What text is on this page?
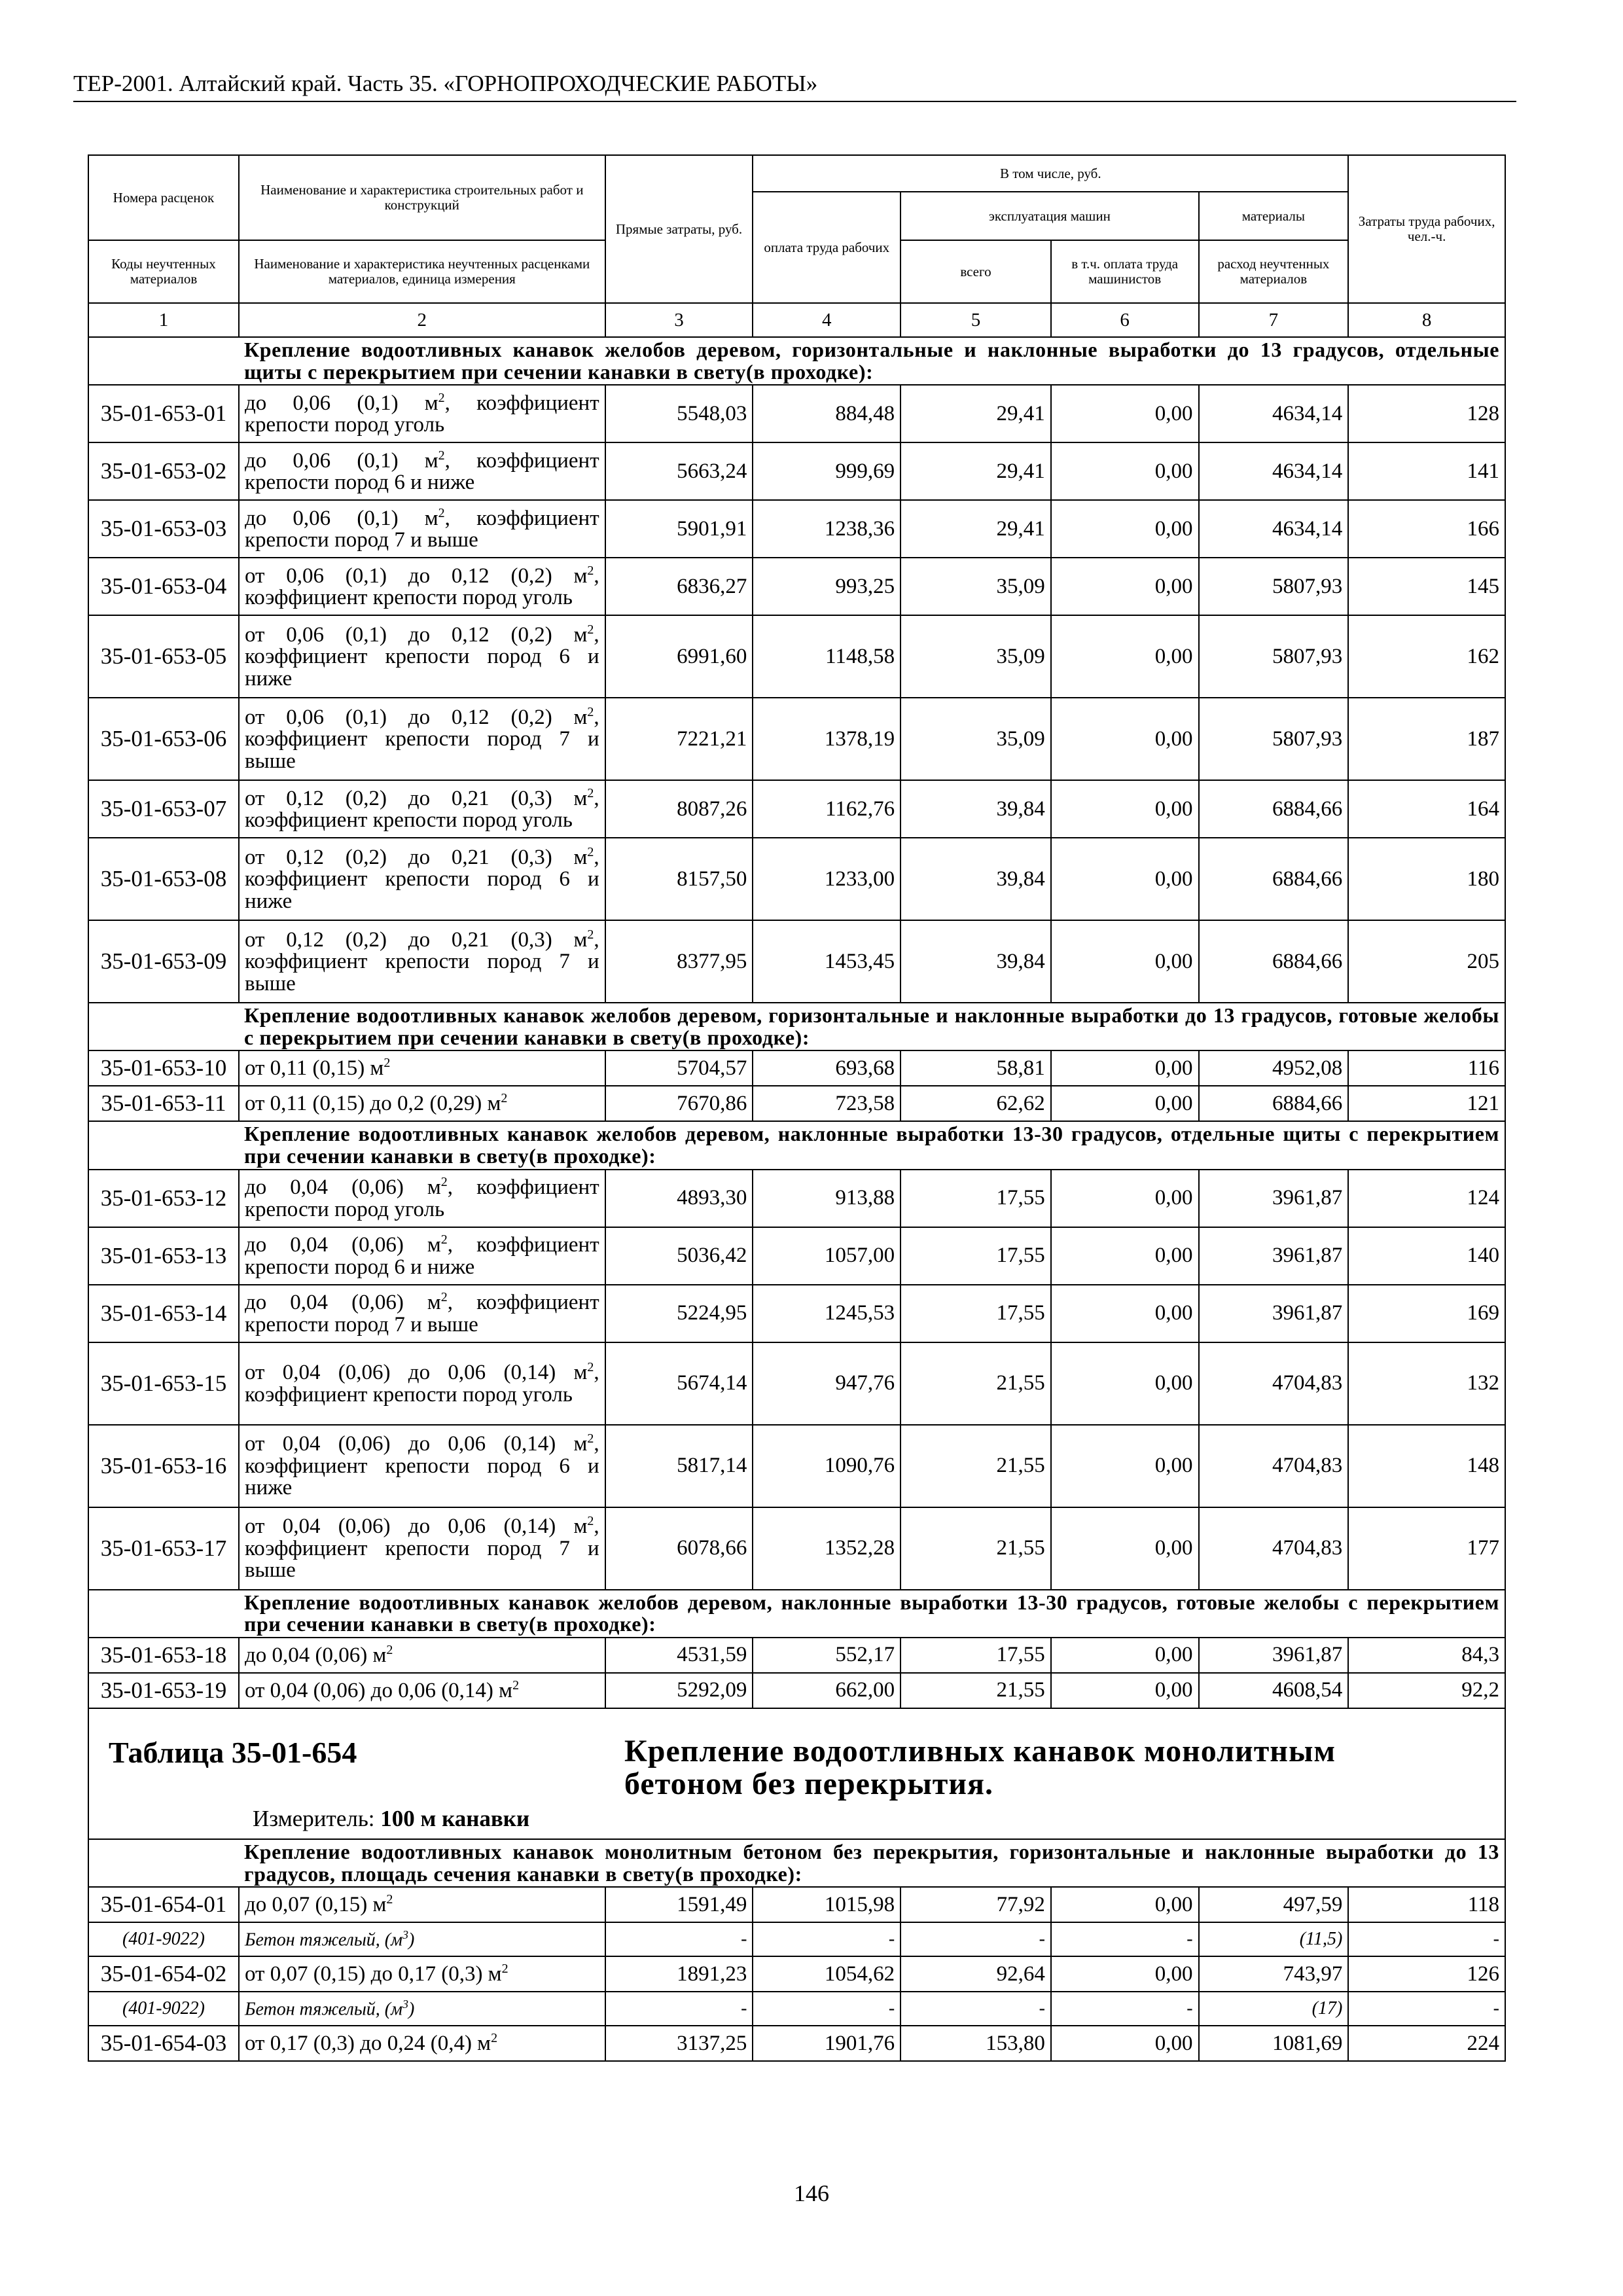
ТЕР-2001. Алтайский край. Часть 35. «ГОРНОПРОХОДЧЕСКИЕ РАБОТЫ»
Номера расценок	Наименование и характеристика строительных работ и конструкций	Прямые затраты, руб.	В том числе, руб.				Затраты труда рабочих, чел.-ч.
			оплата труда рабочих	эксплуатация машин		материалы	
Коды неучтенных материалов	Наименование и характеристика неучтенных расценками материалов, единица измерения			всего	в т.ч. оплата труда машинистов	расход неучтенных материалов	
1	2	3	4	5	6	7	8
	Крепление водоотливных канавок желобов деревом, горизонтальные и наклонные выработки до 13 градусов, отдельные щиты с перекрытием при сечении канавки в свету(в проходке):						
35-01-653-01	до 0,06 (0,1) $м^2$, коэффициент крепости пород уголь	5548,03	884,48	29,41	0,00	4634,14	128
35-01-653-02	до 0,06 (0,1) $м^2$, коэффициент крепости пород 6 и ниже	5663,24	999,69	29,41	0,00	4634,14	141
35-01-653-03	до 0,06 (0,1) $м^2$, коэффициент крепости пород 7 и выше	5901,91	1238,36	29,41	0,00	4634,14	166
35-01-653-04	от 0,06 (0,1) до 0,12 (0,2) $м^2$, коэффициент крепости пород уголь	6836,27	993,25	35,09	0,00	5807,93	145
35-01-653-05	от 0,06 (0,1) до 0,12 (0,2) $м^2$, коэффициент крепости пород 6 и ниже	6991,60	1148,58	35,09	0,00	5807,93	162
35-01-653-06	от 0,06 (0,1) до 0,12 (0,2) $м^2$, коэффициент крепости пород 7 и выше	7221,21	1378,19	35,09	0,00	5807,93	187
35-01-653-07	от 0,12 (0,2) до 0,21 (0,3) $м^2$, коэффициент крепости пород уголь	8087,26	1162,76	39,84	0,00	6884,66	164
35-01-653-08	от 0,12 (0,2) до 0,21 (0,3) $м^2$, коэффициент крепости пород 6 и ниже	8157,50	1233,00	39,84	0,00	6884,66	180
35-01-653-09	от 0,12 (0,2) до 0,21 (0,3) $м^2$, коэффициент крепости пород 7 и выше	8377,95	1453,45	39,84	0,00	6884,66	205
	Крепление водоотливных канавок желобов деревом, горизонтальные и наклонные выработки до 13 градусов, готовые желобы с перекрытием при сечении канавки в свету(в проходке):						
35-01-653-10	от 0,11 (0,15) $м^2$	5704,57	693,68	58,81	0,00	4952,08	116
35-01-653-11	от 0,11 (0,15) до 0,2 (0,29) $м^2$	7670,86	723,58	62,62	0,00	6884,66	121
	Крепление водоотливных канавок желобов деревом, наклонные выработки 13-30 градусов, отдельные щиты с перекрытием при сечении канавки в свету(в проходке):						
35-01-653-12	до 0,04 (0,06) $м^2$, коэффициент крепости пород уголь	4893,30	913,88	17,55	0,00	3961,87	124
35-01-653-13	до 0,04 (0,06) $м^2$, коэффициент крепости пород 6 и ниже	5036,42	1057,00	17,55	0,00	3961,87	140
35-01-653-14	до 0,04 (0,06) $м^2$, коэффициент крепости пород 7 и выше	5224,95	1245,53	17,55	0,00	3961,87	169
35-01-653-15	от 0,04 (0,06) до 0,06 (0,14) $м^2$, коэффициент крепости пород уголь	5674,14	947,76	21,55	0,00	4704,83	132
35-01-653-16	от 0,04 (0,06) до 0,06 (0,14) $м^2$, коэффициент крепости пород 6 и ниже	5817,14	1090,76	21,55	0,00	4704,83	148
35-01-653-17	от 0,04 (0,06) до 0,06 (0,14) $м^2$, коэффициент крепости пород 7 и выше	6078,66	1352,28	21,55	0,00	4704,83	177
	Крепление водоотливных канавок желобов деревом, наклонные выработки 13-30 градусов, готовые желобы с перекрытием при сечении канавки в свету(в проходке):						
35-01-653-18	до 0,04 (0,06) $м^2$	4531,59	552,17	17,55	0,00	3961,87	84,3
35-01-653-19	от 0,04 (0,06) до 0,06 (0,14) $м^2$	5292,09	662,00	21,55	0,00	4608,54	92,2
Таблица 35-01-654	Крепление водоотливных канавок монолитным бетоном без перекрытия.
Измеритель: 100 м канавки
	Крепление водоотливных канавок монолитным бетоном без перекрытия, горизонтальные и наклонные выработки до 13 градусов, площадь сечения канавки в свету(в проходке):						
35-01-654-01	до 0,07 (0,15) $м^2$	1591,49	1015,98	77,92	0,00	497,59	118
(401-9022)	Бетон тяжелый, $(м^3)$	-	-	-	-	(11,5)	-
35-01-654-02	от 0,07 (0,15) до 0,17 (0,3) $м^2$	1891,23	1054,62	92,64	0,00	743,97	126
(401-9022)	Бетон тяжелый, $(м^3)$	-	-	-	-	(17)	-
35-01-654-03	от 0,17 (0,3) до 0,24 (0,4) $м^2$	3137,25	1901,76	153,80	0,00	1081,69	224
146
